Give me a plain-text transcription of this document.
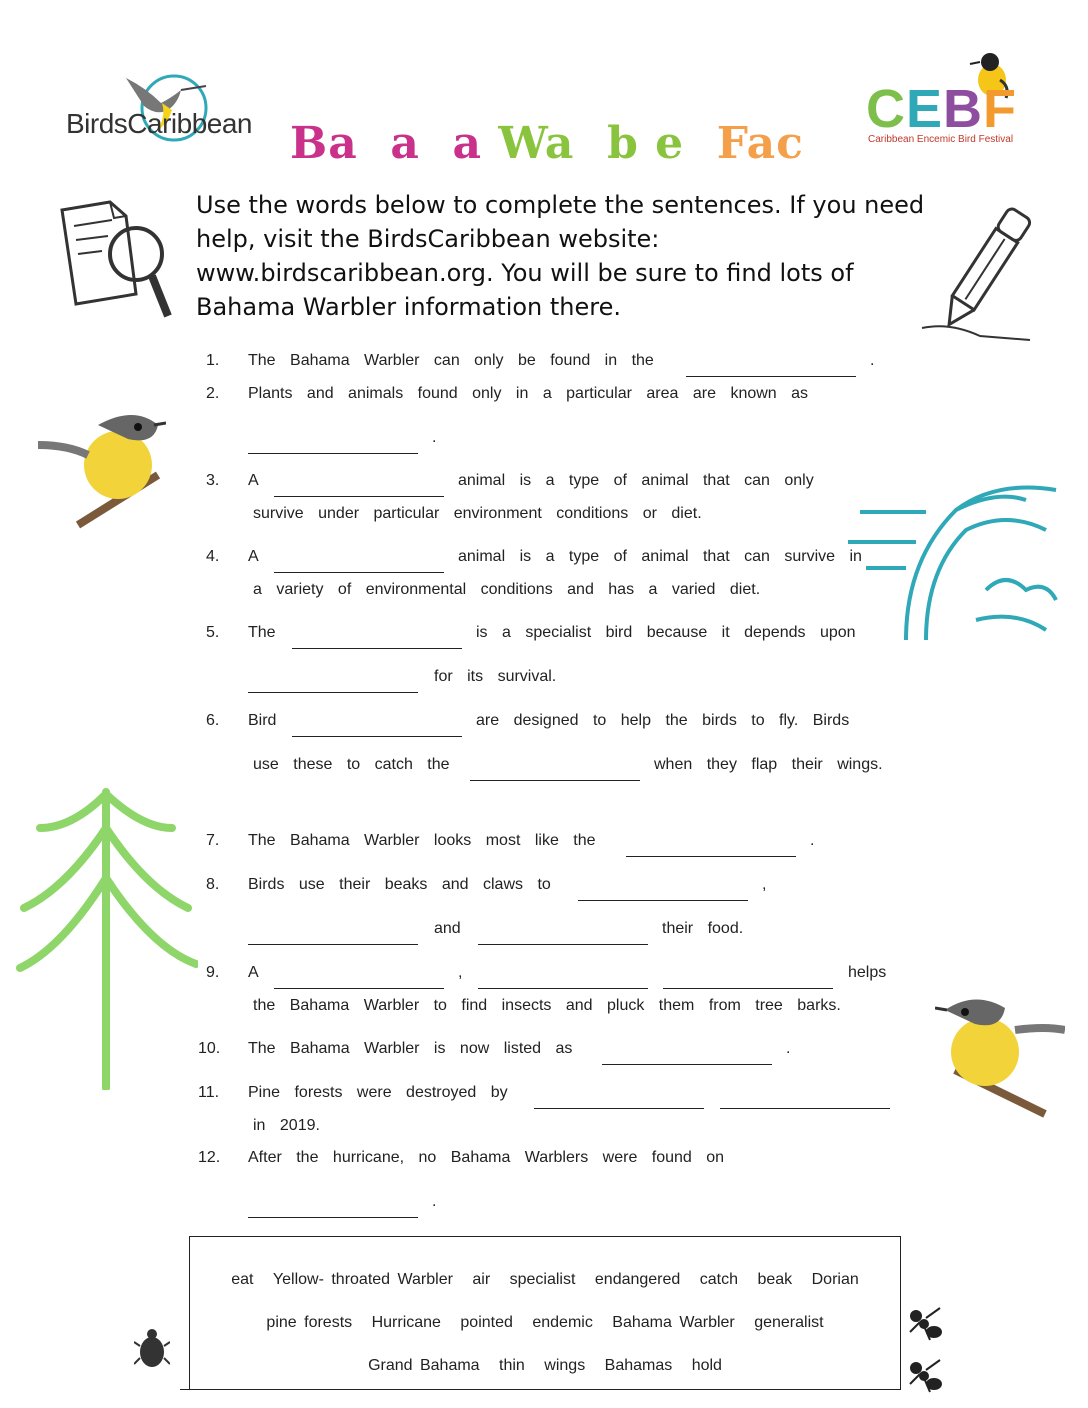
BirdsCaribbean	CEBF
Caribbean Encemic Bird Festival
Ba  a  a Wa  b e  Fac
Use the words below to complete the sentences. If you need help, visit the BirdsCaribbean website: www.birdscaribbean.org. You will be sure to find lots of Bahama Warbler information there.
1. The Bahama Warbler can only be found in the	.
2. Plants and animals found only in a particular area are known as
.
3. A	animal is a type of animal that can only
survive under particular environment conditions or diet.
4. A	animal is a type of animal that can survive in
a variety of environmental conditions and has a varied diet.
5. The	is a specialist bird because it depends upon
for its survival.
6. Bird	are designed to help the birds to fly. Birds
use these to catch the	when they flap their wings.
7. The Bahama Warbler looks most like the	.
8. Birds use their beaks and claws to	,
and	their food.
9. A	,	helps
the Bahama Warbler to find insects and pluck them from tree barks.
10. The Bahama Warbler is now listed as	.
11. Pine forests were destroyed by
in 2019.
12. After the hurricane, no Bahama Warblers were found on
.
eat Yellow- throated Warbler air specialist endangered catch beak Dorian
pine forests Hurricane pointed endemic Bahama Warbler generalist
Grand Bahama thin wings Bahamas hold
